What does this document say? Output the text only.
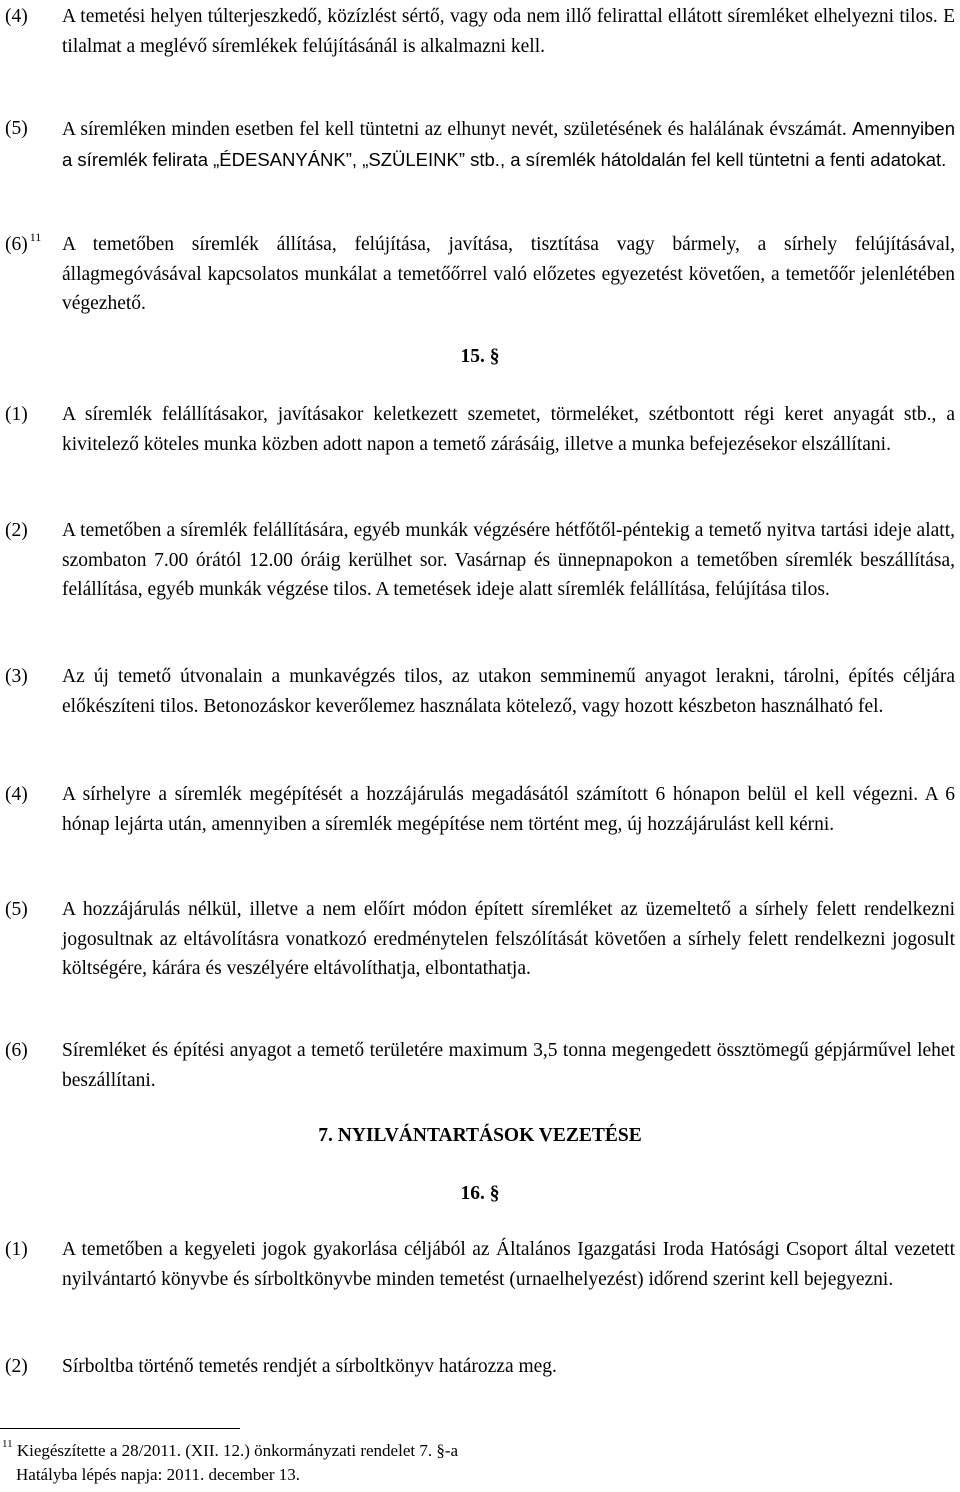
(4)	A temetési helyen túlterjeszkedő, közízlést sértő, vagy oda nem illő felirattal ellátott síremléket elhelyezni tilos. E tilalmat a meglévő síremlékek felújításánál is alkalmazni kell.
(5)	A síremléken minden esetben fel kell tüntetni az elhunyt nevét, születésének és halálának évszámát. Amennyiben a síremlék felirata „ÉDESANYÁNK”, „SZÜLEINK” stb., a síremlék hátoldalán fel kell tüntetni a fenti adatokat.
(6) $^{11}$	A temetőben síremlék állítása, felújítása, javítása, tisztítása vagy bármely, a sírhely felújításával, állagmegóvásával kapcsolatos munkálat a temetőőrrel való előzetes egyezetést követően, a temetőőr jelenlétében végezhető.
15. §
(1)	A síremlék felállításakor, javításakor keletkezett szemetet, törmeléket, szétbontott régi keret anyagát stb., a kivitelező köteles munka közben adott napon a temető zárásáig, illetve a munka befejezésekor elszállítani.
(2)	A temetőben a síremlék felállítására, egyéb munkák végzésére hétfőtől-péntekig a temető nyitva tartási ideje alatt, szombaton 7.00 órától 12.00 óráig kerülhet sor. Vasárnap és ünnepnapokon a temetőben síremlék beszállítása, felállítása, egyéb munkák végzése tilos. A temetések ideje alatt síremlék felállítása, felújítása tilos.
(3)	Az új temető útvonalain a munkavégzés tilos, az utakon semminemű anyagot lerakni, tárolni, építés céljára előkészíteni tilos. Betonozáskor keverőlemez használata kötelező, vagy hozott készbeton használható fel.
(4)	A sírhelyre a síremlék megépítését a hozzájárulás megadásától számított 6 hónapon belül el kell végezni. A 6 hónap lejárta után, amennyiben a síremlék megépítése nem történt meg, új hozzájárulást kell kérni.
(5)	A hozzájárulás nélkül, illetve a nem előírt módon épített síremléket az üzemeltető a sírhely felett rendelkezni jogosultnak az eltávolításra vonatkozó eredménytelen felszólítását követően a sírhely felett rendelkezni jogosult költségére, kárára és veszélyére eltávolíthatja, elbontathatja.
(6)	Síremléket és építési anyagot a temető területére maximum 3,5 tonna megengedett össztömegű gépjárművel lehet beszállítani.
7. NYILVÁNTARTÁSOK VEZETÉSE
16. §
(1)	A temetőben a kegyeleti jogok gyakorlása céljából az Általános Igazgatási Iroda Hatósági Csoport által vezetett nyilvántartó könyvbe és sírboltkönyvbe minden temetést (urnaelhelyezést) időrend szerint kell bejegyezni.
(2)	Sírboltba történő temetés rendjét a sírboltkönyv határozza meg.
$^{11}$ Kiegészítette a 28/2011. (XII. 12.) önkormányzati rendelet 7. §-a
Hatályba lépés napja: 2011. december 13.
